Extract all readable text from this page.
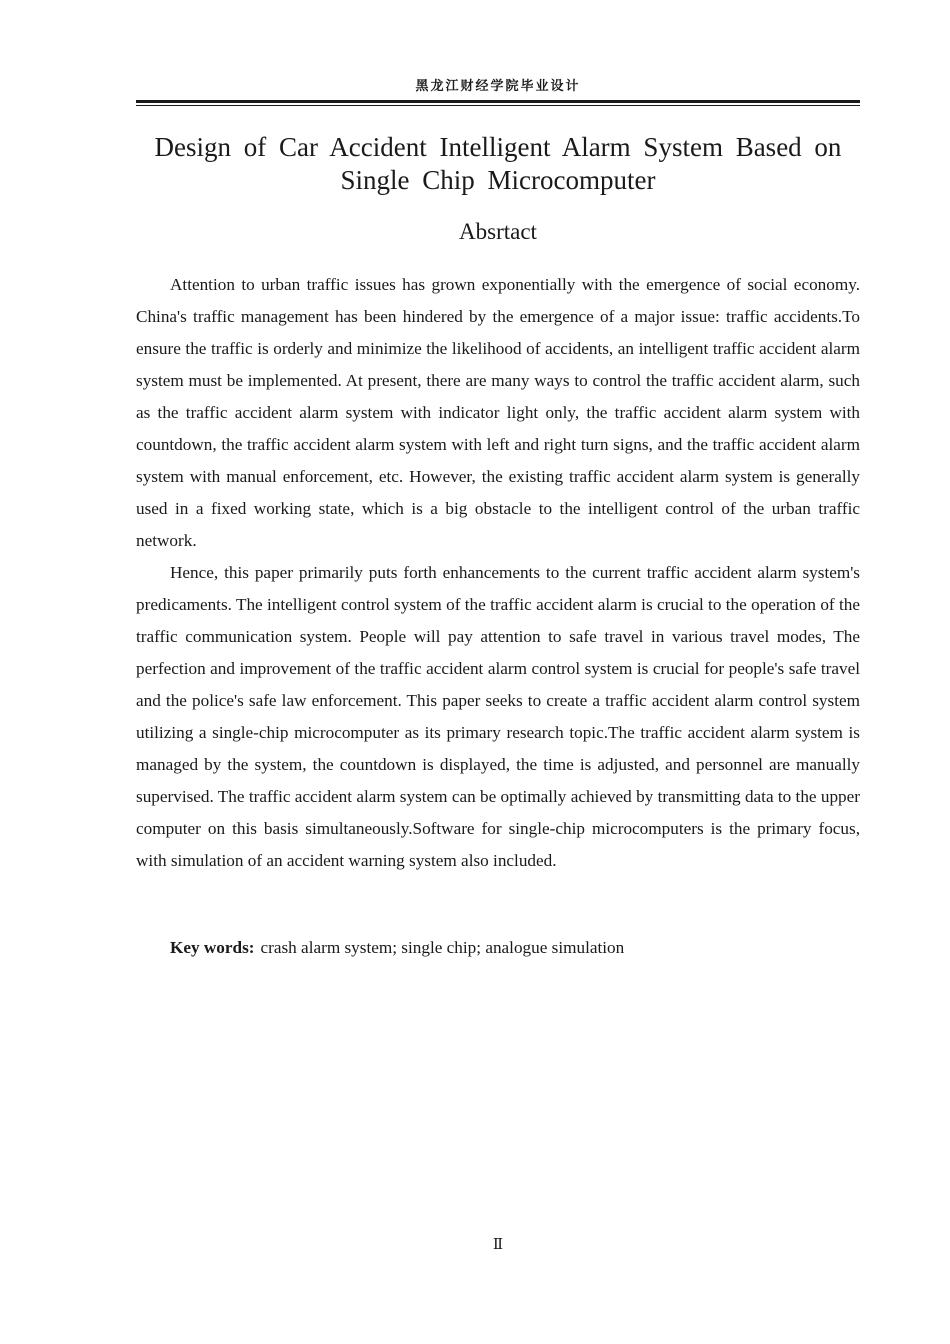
黑龙江财经学院毕业设计
Design of Car Accident Intelligent Alarm System Based on Single Chip Microcomputer
Absrtact

Attention to urban traffic issues has grown exponentially with the emergence of social economy. China's traffic management has been hindered by the emergence of a major issue: traffic accidents.To ensure the traffic is orderly and minimize the likelihood of accidents, an intelligent traffic accident alarm system must be implemented. At present, there are many ways to control the traffic accident alarm, such as the traffic accident alarm system with indicator light only, the traffic accident alarm system with countdown, the traffic accident alarm system with left and right turn signs, and the traffic accident alarm system with manual enforcement, etc. However, the existing traffic accident alarm system is generally used in a fixed working state, which is a big obstacle to the intelligent control of the urban traffic network.

Hence, this paper primarily puts forth enhancements to the current traffic accident alarm system's predicaments. The intelligent control system of the traffic accident alarm is crucial to the operation of the traffic communication system. People will pay attention to safe travel in various travel modes, The perfection and improvement of the traffic accident alarm control system is crucial for people's safe travel and the police's safe law enforcement. This paper seeks to create a traffic accident alarm control system utilizing a single-chip microcomputer as its primary research topic.The traffic accident alarm system is managed by the system, the countdown is displayed, the time is adjusted, and personnel are manually supervised. The traffic accident alarm system can be optimally achieved by transmitting data to the upper computer on this basis simultaneously.Software for single-chip microcomputers is the primary focus, with simulation of an accident warning system also included.

Key words: crash alarm system; single chip; analogue simulation
Ⅱ
